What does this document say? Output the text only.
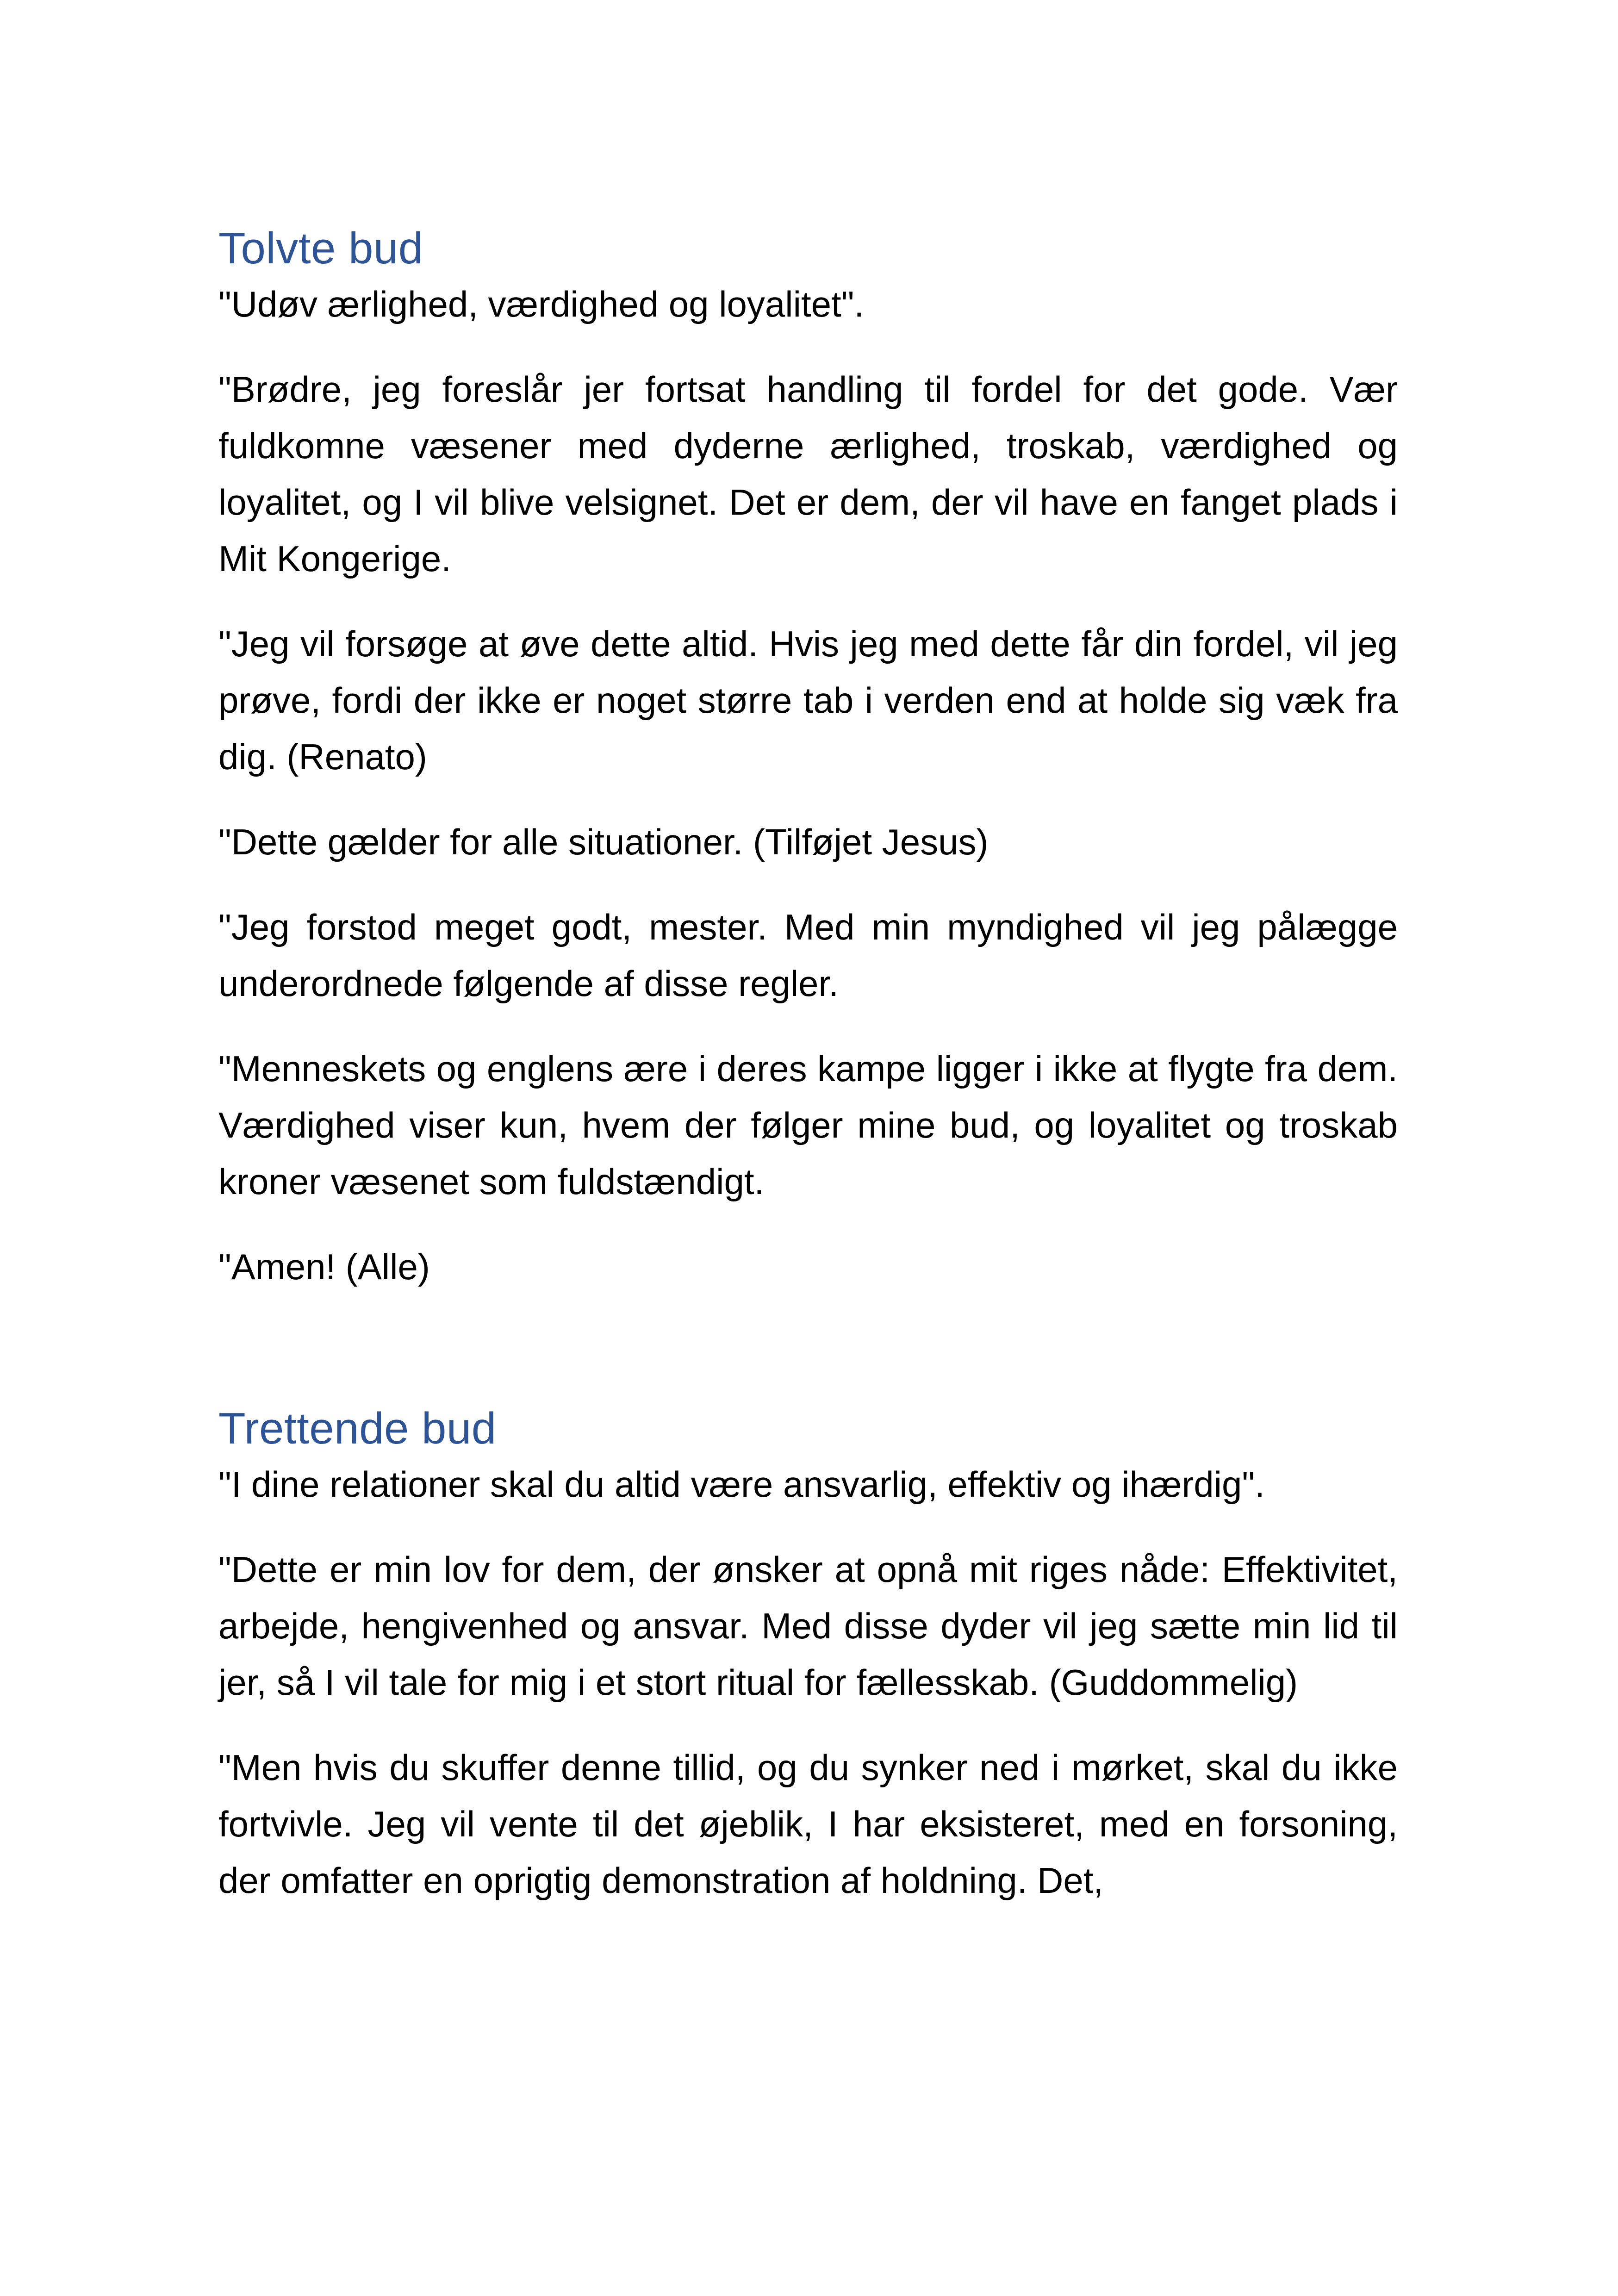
Tolvte bud

"Udøv ærlighed, værdighed og loyalitet".

"Brødre, jeg foreslår jer fortsat handling til fordel for det gode. Vær fuldkomne væsener med dyderne ærlighed, troskab, værdighed og loyalitet, og I vil blive velsignet. Det er dem, der vil have en fanget plads i Mit Kongerige.

"Jeg vil forsøge at øve dette altid. Hvis jeg med dette får din fordel, vil jeg prøve, fordi der ikke er noget større tab i verden end at holde sig væk fra dig. (Renato)

"Dette gælder for alle situationer. (Tilføjet Jesus)

"Jeg forstod meget godt, mester. Med min myndighed vil jeg pålægge underordnede følgende af disse regler.

"Menneskets og englens ære i deres kampe ligger i ikke at flygte fra dem. Værdighed viser kun, hvem der følger mine bud, og loyalitet og troskab kroner væsenet som fuldstændigt.

"Amen! (Alle)

Trettende bud

"I dine relationer skal du altid være ansvarlig, effektiv og ihærdig".

"Dette er min lov for dem, der ønsker at opnå mit riges nåde: Effektivitet, arbejde, hengivenhed og ansvar. Med disse dyder vil jeg sætte min lid til jer, så I vil tale for mig i et stort ritual for fællesskab. (Guddommelig)

"Men hvis du skuffer denne tillid, og du synker ned i mørket, skal du ikke fortvivle. Jeg vil vente til det øjeblik, I har eksisteret, med en forsoning, der omfatter en oprigtig demonstration af holdning. Det,
